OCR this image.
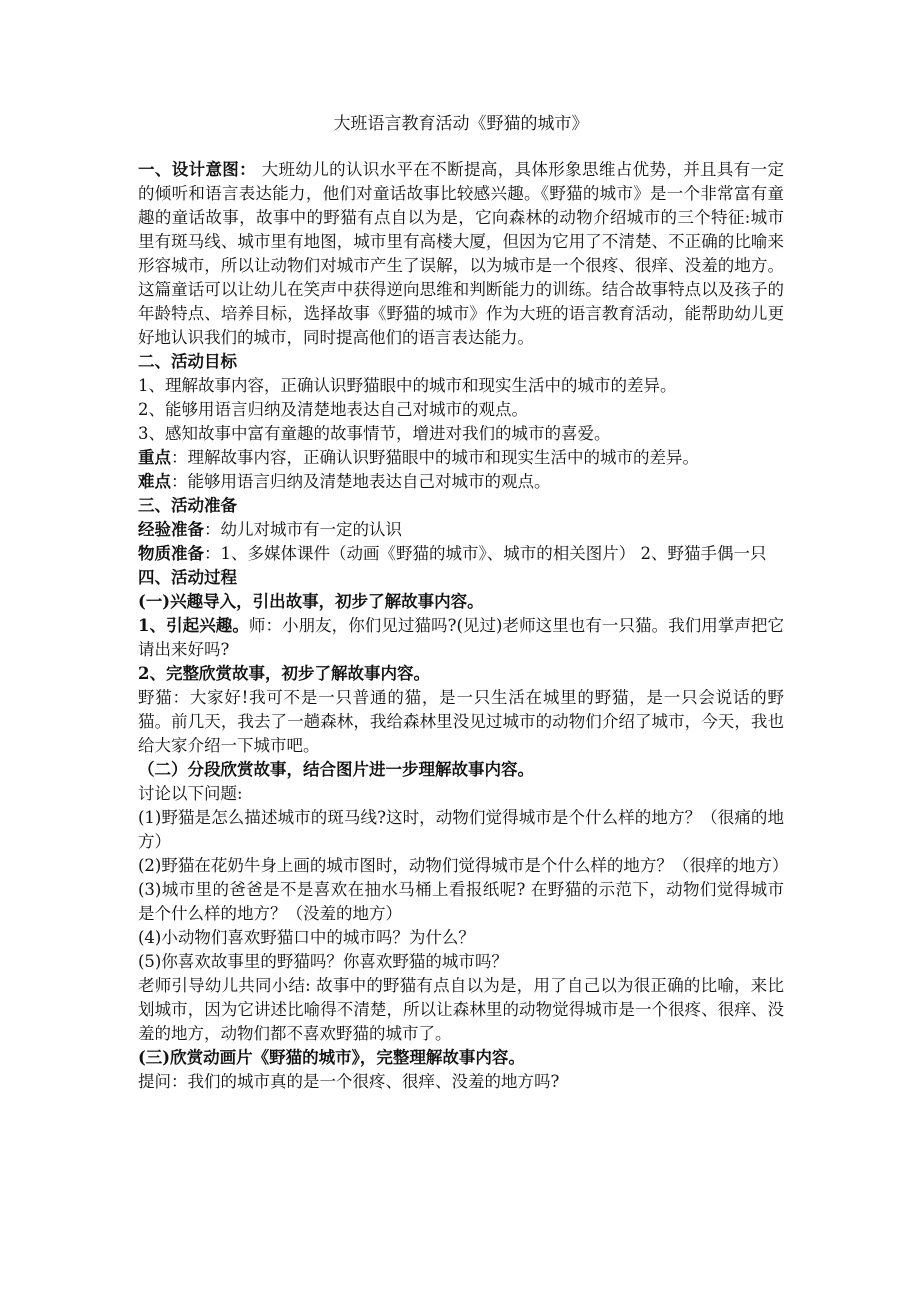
大班语言教育活动《野猫的城市》

一、设计意图： 大班幼儿的认识水平在不断提高，具体形象思维占优势，并且具有一定的倾听和语言表达能力，他们对童话故事比较感兴趣。《野猫的城市》是一个非常富有童趣的童话故事，故事中的野猫有点自以为是，它向森林的动物介绍城市的三个特征:城市里有斑马线、城市里有地图，城市里有高楼大厦，但因为它用了不清楚、不正确的比喻来形容城市，所以让动物们对城市产生了误解，以为城市是一个很疼、很痒、没羞的地方。这篇童话可以让幼儿在笑声中获得逆向思维和判断能力的训练。结合故事特点以及孩子的年龄特点、培养目标，选择故事《野猫的城市》作为大班的语言教育活动，能帮助幼儿更好地认识我们的城市，同时提高他们的语言表达能力。

二、活动目标

1、理解故事内容，正确认识野猫眼中的城市和现实生活中的城市的差异。

2、能够用语言归纳及清楚地表达自己对城市的观点。

3、感知故事中富有童趣的故事情节，增进对我们的城市的喜爱。

重点：理解故事内容，正确认识野猫眼中的城市和现实生活中的城市的差异。

难点：能够用语言归纳及清楚地表达自己对城市的观点。

三、活动准备

经验准备：幼儿对城市有一定的认识

物质准备：1、多媒体课件（动画《野猫的城市》、城市的相关图片） 2、野猫手偶一只

四、活动过程

(一)兴趣导入，引出故事，初步了解故事内容。

1、引起兴趣。师：小朋友，你们见过猫吗?(见过)老师这里也有一只猫。我们用掌声把它请出来好吗?

2、完整欣赏故事，初步了解故事内容。

野猫：大家好!我可不是一只普通的猫，是一只生活在城里的野猫，是一只会说话的野猫。前几天，我去了一趟森林，我给森林里没见过城市的动物们介绍了城市，今天，我也给大家介绍一下城市吧。

（二）分段欣赏故事，结合图片进一步理解故事内容。

讨论以下问题:

(1)野猫是怎么描述城市的斑马线?这时，动物们觉得城市是个什么样的地方？（很痛的地方）

(2)野猫在花奶牛身上画的城市图时，动物们觉得城市是个什么样的地方？（很痒的地方）

(3)城市里的爸爸是不是喜欢在抽水马桶上看报纸呢? 在野猫的示范下，动物们觉得城市是个什么样的地方？（没羞的地方）

(4)小动物们喜欢野猫口中的城市吗？为什么？

(5)你喜欢故事里的野猫吗？你喜欢野猫的城市吗？

老师引导幼儿共同小结: 故事中的野猫有点自以为是，用了自己以为很正确的比喻，来比划城市，因为它讲述比喻得不清楚，所以让森林里的动物觉得城市是一个很疼、很痒、没羞的地方，动物们都不喜欢野猫的城市了。

(三)欣赏动画片《野猫的城市》，完整理解故事内容。

提问：我们的城市真的是一个很疼、很痒、没羞的地方吗?
